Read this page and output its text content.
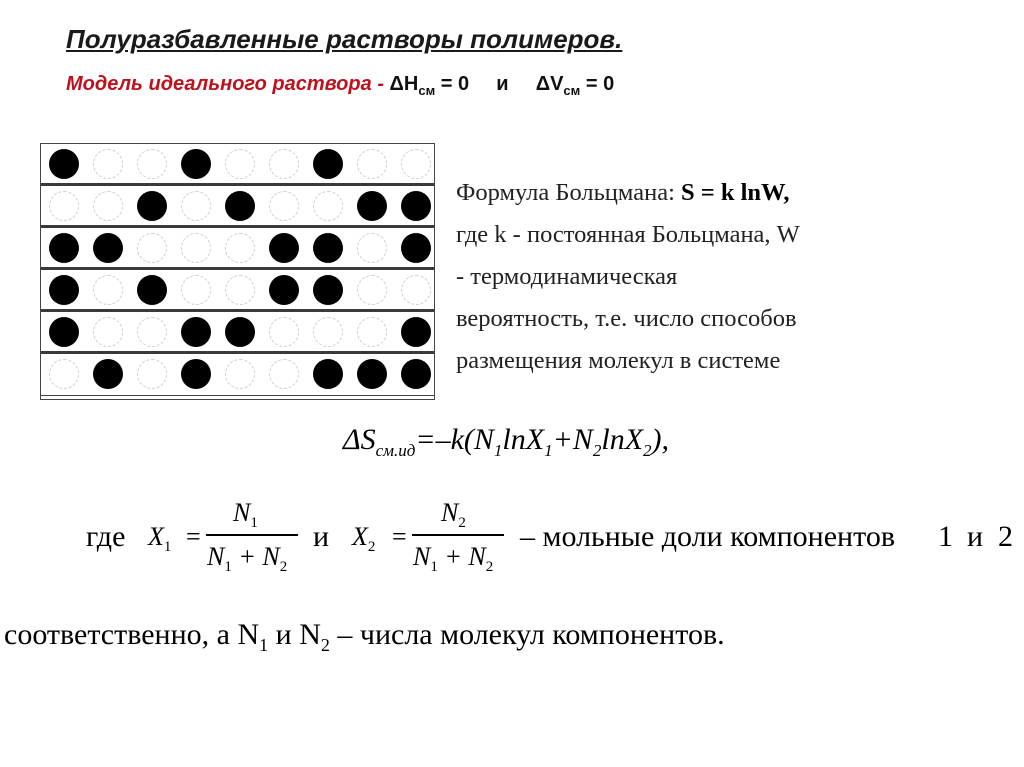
Полуразбавленные растворы полимеров.
Модель идеального раствора - $\Delta H_{см} = 0$ и $\Delta V_{см} = 0$
Формула Больцмана: S = k lnW,
где k - постоянная Больцмана, W
- термодинамическая
вероятность, т.е. число способов
размещения молекул в системе
$\Delta S_{см.ид}=-k(N_1\ln X_1+N_2\ln X_2)$,
где $X_1$ =
$N_1$
$N_1 + N_2$
и $X_2$ =
$N_2$
$N_1 + N_2$
– мольные доли компонентов 1 и 2
соответственно, а $N_1$ и $N_2$ – числа молекул компонентов.
